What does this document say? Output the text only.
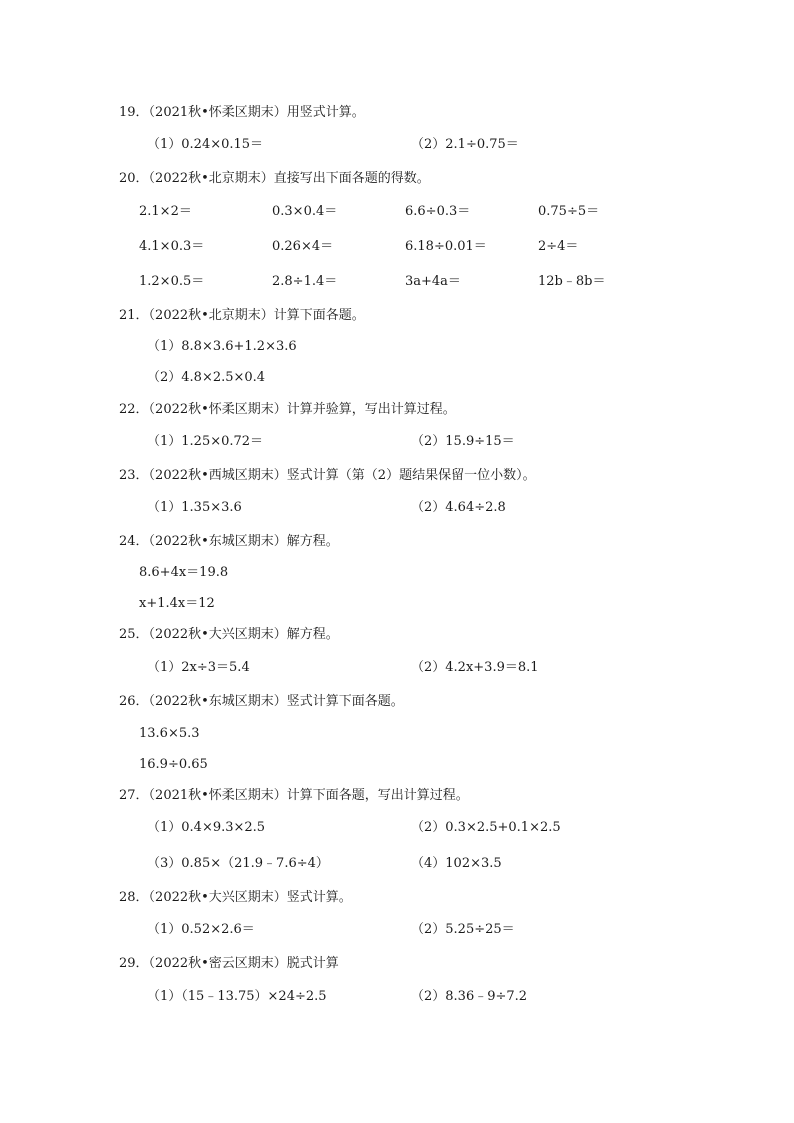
19．（2021秋•怀柔区期末）用竖式计算。
（1）0.24×0.15＝	（2）2.1÷0.75＝
20．（2022秋•北京期末）直接写出下面各题的得数。
2.1×2＝	0.3×0.4＝	6.6÷0.3＝	0.75÷5＝
4.1×0.3＝	0.26×4＝	6.18÷0.01＝	2÷4＝
1.2×0.5＝	2.8÷1.4＝	3a+4a＝	12b﹣8b＝
21．（2022秋•北京期末）计算下面各题。
（1）8.8×3.6+1.2×3.6
（2）4.8×2.5×0.4
22．（2022秋•怀柔区期末）计算并验算，写出计算过程。
（1）1.25×0.72＝	（2）15.9÷15＝
23．（2022秋•西城区期末）竖式计算（第（2）题结果保留一位小数）。
（1）1.35×3.6	（2）4.64÷2.8
24．（2022秋•东城区期末）解方程。
8.6+4x＝19.8
x+1.4x＝12
25．（2022秋•大兴区期末）解方程。
（1）2x÷3＝5.4	（2）4.2x+3.9＝8.1
26．（2022秋•东城区期末）竖式计算下面各题。
13.6×5.3
16.9÷0.65
27．（2021秋•怀柔区期末）计算下面各题，写出计算过程。
（1）0.4×9.3×2.5	（2）0.3×2.5+0.1×2.5
（3）0.85×（21.9﹣7.6÷4）	（4）102×3.5
28．（2022秋•大兴区期末）竖式计算。
（1）0.52×2.6＝	（2）5.25÷25＝
29．（2022秋•密云区期末）脱式计算
（1）（15﹣13.75）×24÷2.5	（2）8.36﹣9÷7.2
